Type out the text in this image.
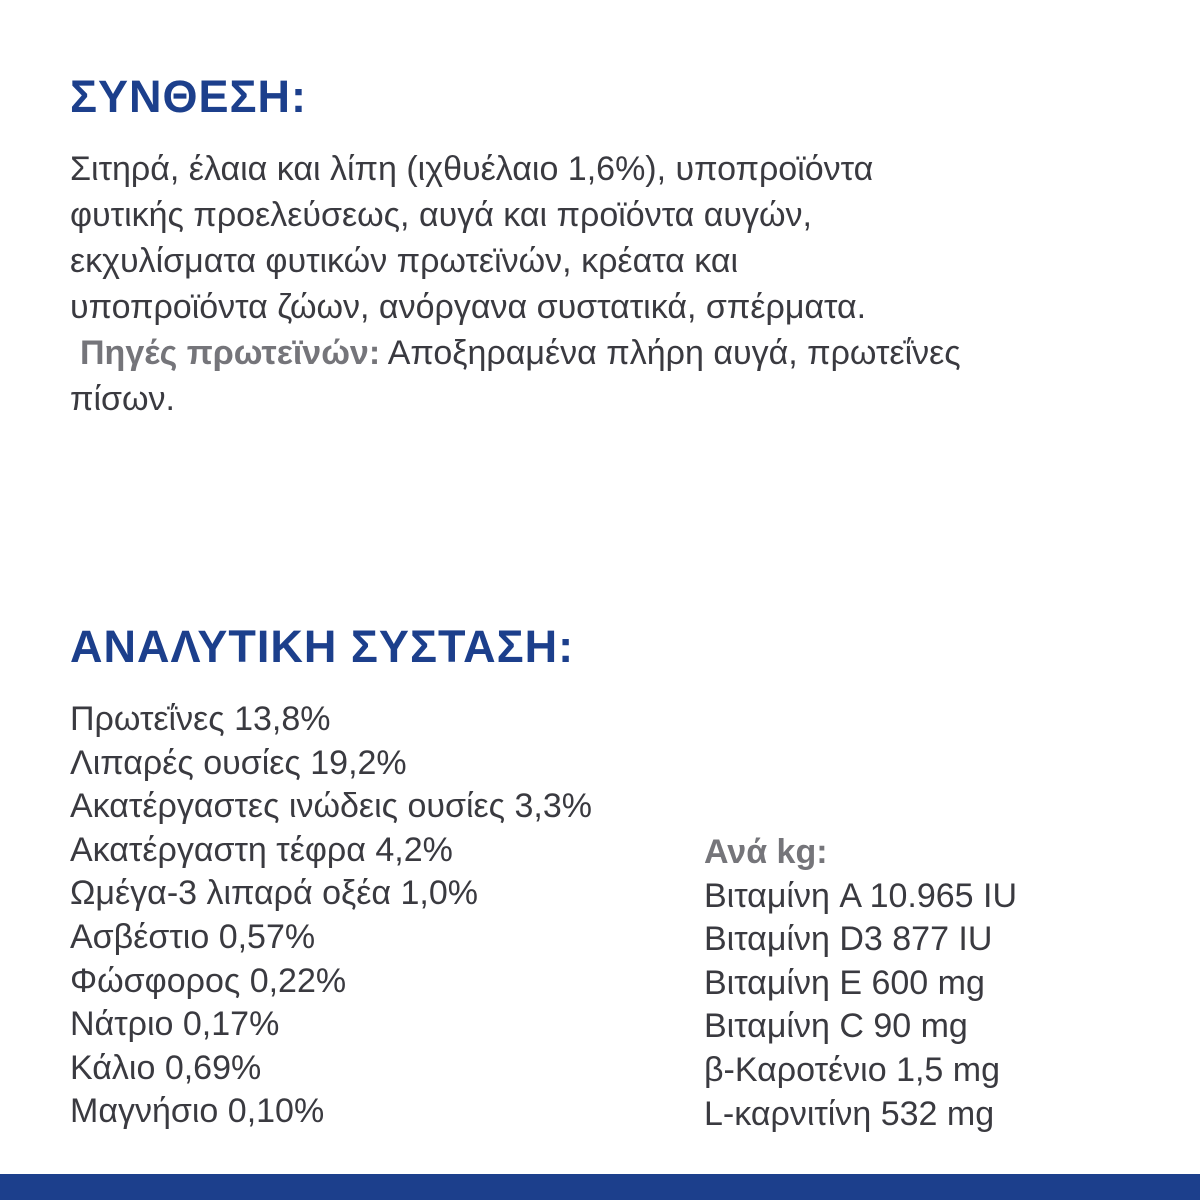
ΣΥΝΘΕΣΗ:
Σιτηρά, έλαια και λίπη (ιχθυέλαιο 1,6%), υποπροϊόντα
φυτικής προελεύσεως, αυγά και προϊόντα αυγών,
εκχυλίσματα φυτικών πρωτεϊνών, κρέατα και
υποπροϊόντα ζώων, ανόργανα συστατικά, σπέρματα.
Πηγές πρωτεϊνών: Αποξηραμένα πλήρη αυγά, πρωτεΐνες
πίσων.
ΑΝΑΛΥΤΙΚΗ ΣΥΣΤΑΣΗ:
Πρωτεΐνες 13,8%
Λιπαρές ουσίες 19,2%
Ακατέργαστες ινώδεις ουσίες 3,3%
Ακατέργαστη τέφρα 4,2%
Ωμέγα-3 λιπαρά οξέα 1,0%
Ασβέστιο 0,57%
Φώσφορος 0,22%
Νάτριο 0,17%
Κάλιο 0,69%
Μαγνήσιο 0,10%
Ανά kg:
Βιταμίνη A 10.965 IU
Βιταμίνη D3 877 IU
Βιταμίνη E 600 mg
Βιταμίνη C 90 mg
β-Καροτένιο 1,5 mg
L-καρνιτίνη 532 mg
